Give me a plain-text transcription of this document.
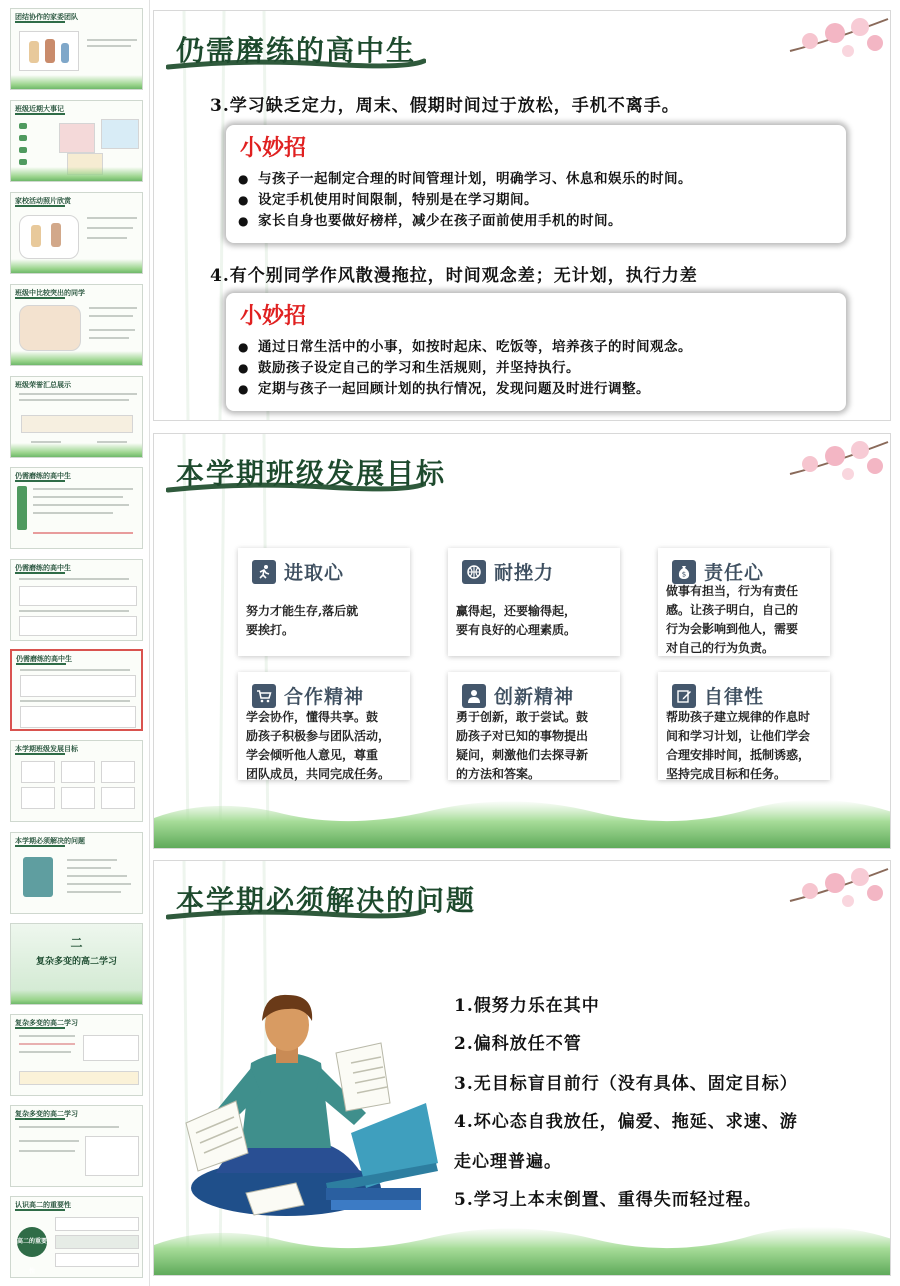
团结协作的家委团队
班级近期大事记
家校活动照片欣赏
班级中比较突出的同学
班级荣誉汇总展示
仍需磨练的高中生
仍需磨练的高中生
仍需磨练的高中生
本学期班级发展目标
本学期必须解决的问题
二
复杂多变的高二学习
复杂多变的高二学习
复杂多变的高二学习
认识高二的重要性
高二的重要性
仍需磨练的高中生
3.学习缺乏定力，周末、假期时间过于放松，手机不离手。
小妙招
● 与孩子一起制定合理的时间管理计划，明确学习、休息和娱乐的时间。
● 设定手机使用时间限制，特别是在学习期间。
● 家长自身也要做好榜样，减少在孩子面前使用手机的时间。
4.有个别同学作风散漫拖拉，时间观念差；无计划，执行力差
小妙招
● 通过日常生活中的小事，如按时起床、吃饭等，培养孩子的时间观念。
● 鼓励孩子设定自己的学习和生活规则，并坚持执行。
● 定期与孩子一起回顾计划的执行情况，发现问题及时进行调整。
本学期班级发展目标
进取心
努力才能生存,落后就
要挨打。
耐挫力
赢得起，还要输得起，
要有良好的心理素质。
$ 责任心
做事有担当，行为有责任
感。让孩子明白，自己的
行为会影响到他人，需要
对自己的行为负责。
合作精神
学会协作，懂得共享。鼓
励孩子积极参与团队活动，
学会倾听他人意见，尊重
团队成员，共同完成任务。
创新精神
勇于创新，敢于尝试。鼓
励孩子对已知的事物提出
疑问，刺激他们去探寻新
的方法和答案。
自律性
帮助孩子建立规律的作息时
间和学习计划，让他们学会
合理安排时间，抵制诱惑，
坚持完成目标和任务。
本学期必须解决的问题
1.假努力乐在其中
2.偏科放任不管
3.无目标盲目前行（没有具体、固定目标）
4.坏心态自我放任，偏爱、拖延、求速、游
走心理普遍。
5.学习上本末倒置、重得失而轻过程。
